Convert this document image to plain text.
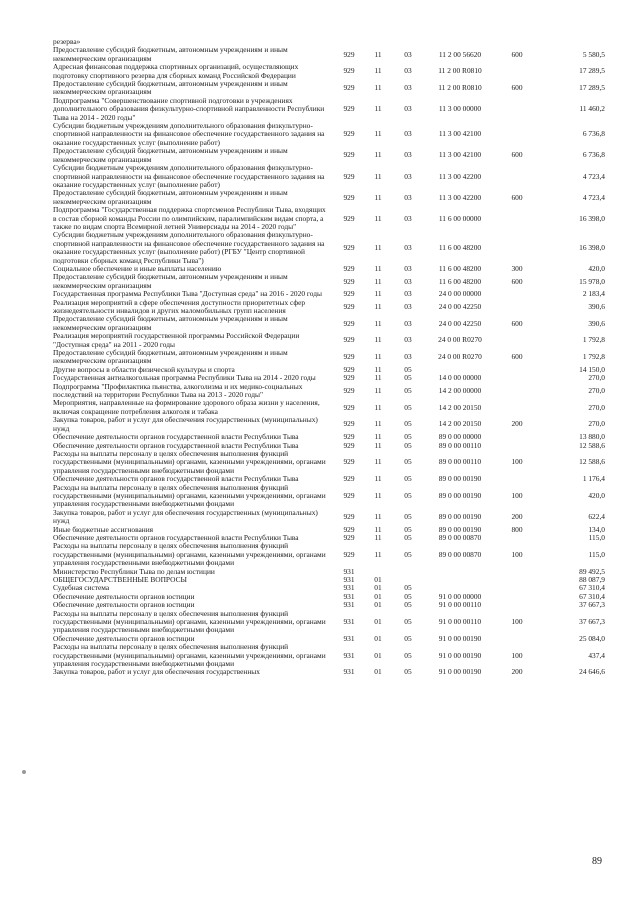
резерва»						
Предоставление субсидий бюджетным, автономным учреждениям и иным некоммерческим организациям	929	11	03	11 2 00 56620	600	5 580,5
Адресная финансовая поддержка спортивных организаций, осуществляющих подготовку спортивного резерва для сборных команд Российской Федерации	929	11	03	11 2 00 R0810		17 289,5
Предоставление субсидий бюджетным, автономным учреждениям и иным некоммерческим организациям	929	11	03	11 2 00 R0810	600	17 289,5
Подпрограмма "Совершенствование спортивной подготовки в учреждениях дополнительного образования физкультурно-спортивной направленности Республики Тыва на 2014 - 2020 годы"	929	11	03	11 3 00 00000		11 460,2
Субсидии бюджетным учреждениям дополнительного образования физкультурно-спортивной направленности на финансовое обеспечение государственного задания на оказание государственных услуг (выполнение работ)	929	11	03	11 3 00 42100		6 736,8
Предоставление субсидий бюджетным, автономным учреждениям и иным некоммерческим организациям	929	11	03	11 3 00 42100	600	6 736,8
Субсидии бюджетным учреждениям дополнительного образования физкультурно-спортивной направленности на финансовое обеспечение государственного задания на оказание государственных услуг (выполнение работ)	929	11	03	11 3 00 42200		4 723,4
Предоставление субсидий бюджетным, автономным учреждениям и иным некоммерческим организациям	929	11	03	11 3 00 42200	600	4 723,4
Подпрограмма "Государственная поддержка спортсменов Республики Тыва, входящих в состав сборной команды России по олимпийским, паралимпийским видам спорта, а также по видам спорта Всемирной летней Универсиады на 2014 - 2020 годы"	929	11	03	11 6 00 00000		16 398,0
Субсидии бюджетным учреждениям дополнительного образования физкультурно-спортивной направленности на финансовое обеспечение государственного задания на оказание государственных услуг (выполнение работ) (РГБУ "Центр спортивной подготовки сборных команд Республики Тыва")	929	11	03	11 6 00 48200		16 398,0
Социальное обеспечение и иные выплаты населению	929	11	03	11 6 00 48200	300	420,0
Предоставление субсидий бюджетным, автономным учреждениям и иным некоммерческим организациям	929	11	03	11 6 00 48200	600	15 978,0
Государственная программа Республики Тыва "Доступная среда" на 2016 - 2020 годы	929	11	03	24 0 00 00000		2 183,4
Реализация мероприятий в сфере обеспечения доступности приоритетных сфер жизнедеятельности инвалидов и других маломобильных групп населения	929	11	03	24 0 00 42250		390,6
Предоставление субсидий бюджетным, автономным учреждениям и иным некоммерческим организациям	929	11	03	24 0 00 42250	600	390,6
Реализация мероприятий государственной программы Российской Федерации "Доступная среда" на 2011 - 2020 годы	929	11	03	24 0 00 R0270		1 792,8
Предоставление субсидий бюджетным, автономным учреждениям и иным некоммерческим организациям	929	11	03	24 0 00 R0270	600	1 792,8
Другие вопросы в области физической культуры и спорта	929	11	05			14 150,0
Государственная антиалкогольная программа Республики Тыва на 2014 - 2020 годы	929	11	05	14 0 00 00000		270,0
Подпрограмма "Профилактика пьянства, алкоголизма и их медико-социальных последствий на территории Республики Тыва на 2013 - 2020 годы"	929	11	05	14 2 00 00000		270,0
Мероприятия, направленные на формирование здорового образа жизни у населения, включая сокращение потребления алкоголя и табака	929	11	05	14 2 00 20150		270,0
Закупка товаров, работ и услуг для обеспечения государственных (муниципальных) нужд	929	11	05	14 2 00 20150	200	270,0
Обеспечение деятельности органов государственной власти Республики Тыва	929	11	05	89 0 00 00000		13 880,0
Обеспечение деятельности органов государственной власти Республики Тыва	929	11	05	89 0 00 00110		12 588,6
Расходы на выплаты персоналу в целях обеспечения выполнения функций государственными (муниципальными) органами, казенными учреждениями, органами управления государственными внебюджетными фондами	929	11	05	89 0 00 00110	100	12 588,6
Обеспечение деятельности органов государственной власти Республики Тыва	929	11	05	89 0 00 00190		1 176,4
Расходы на выплаты персоналу в целях обеспечения выполнения функций государственными (муниципальными) органами, казенными учреждениями, органами управления государственными внебюджетными фондами	929	11	05	89 0 00 00190	100	420,0
Закупка товаров, работ и услуг для обеспечения государственных (муниципальных) нужд	929	11	05	89 0 00 00190	200	622,4
Иные бюджетные ассигнования	929	11	05	89 0 00 00190	800	134,0
Обеспечение деятельности органов государственной власти Республики Тыва	929	11	05	89 0 00 00870		115,0
Расходы на выплаты персоналу в целях обеспечения выполнения функций государственными (муниципальными) органами, казенными учреждениями, органами управления государственными внебюджетными фондами	929	11	05	89 0 00 00870	100	115,0
Министерство Республики Тыва по делам юстиции	931					89 492,5
ОБЩЕГОСУДАРСТВЕННЫЕ ВОПРОСЫ	931	01				88 087,9
Судебная система	931	01	05			67 310,4
Обеспечение деятельности органов юстиции	931	01	05	91 0 00 00000		67 310,4
Обеспечение деятельности органов юстиции	931	01	05	91 0 00 00110		37 667,3
Расходы на выплаты персоналу в целях обеспечения выполнения функций государственными (муниципальными) органами, казенными учреждениями, органами управления государственными внебюджетными фондами	931	01	05	91 0 00 00110	100	37 667,3
Обеспечение деятельности органов юстиции	931	01	05	91 0 00 00190		25 084,0
Расходы на выплаты персоналу в целях обеспечения выполнения функций государственными (муниципальными) органами, казенными учреждениями, органами управления государственными внебюджетными фондами	931	01	05	91 0 00 00190	100	437,4
Закупка товаров, работ и услуг для обеспечения государственных	931	01	05	91 0 00 00190	200	24 646,6
89
